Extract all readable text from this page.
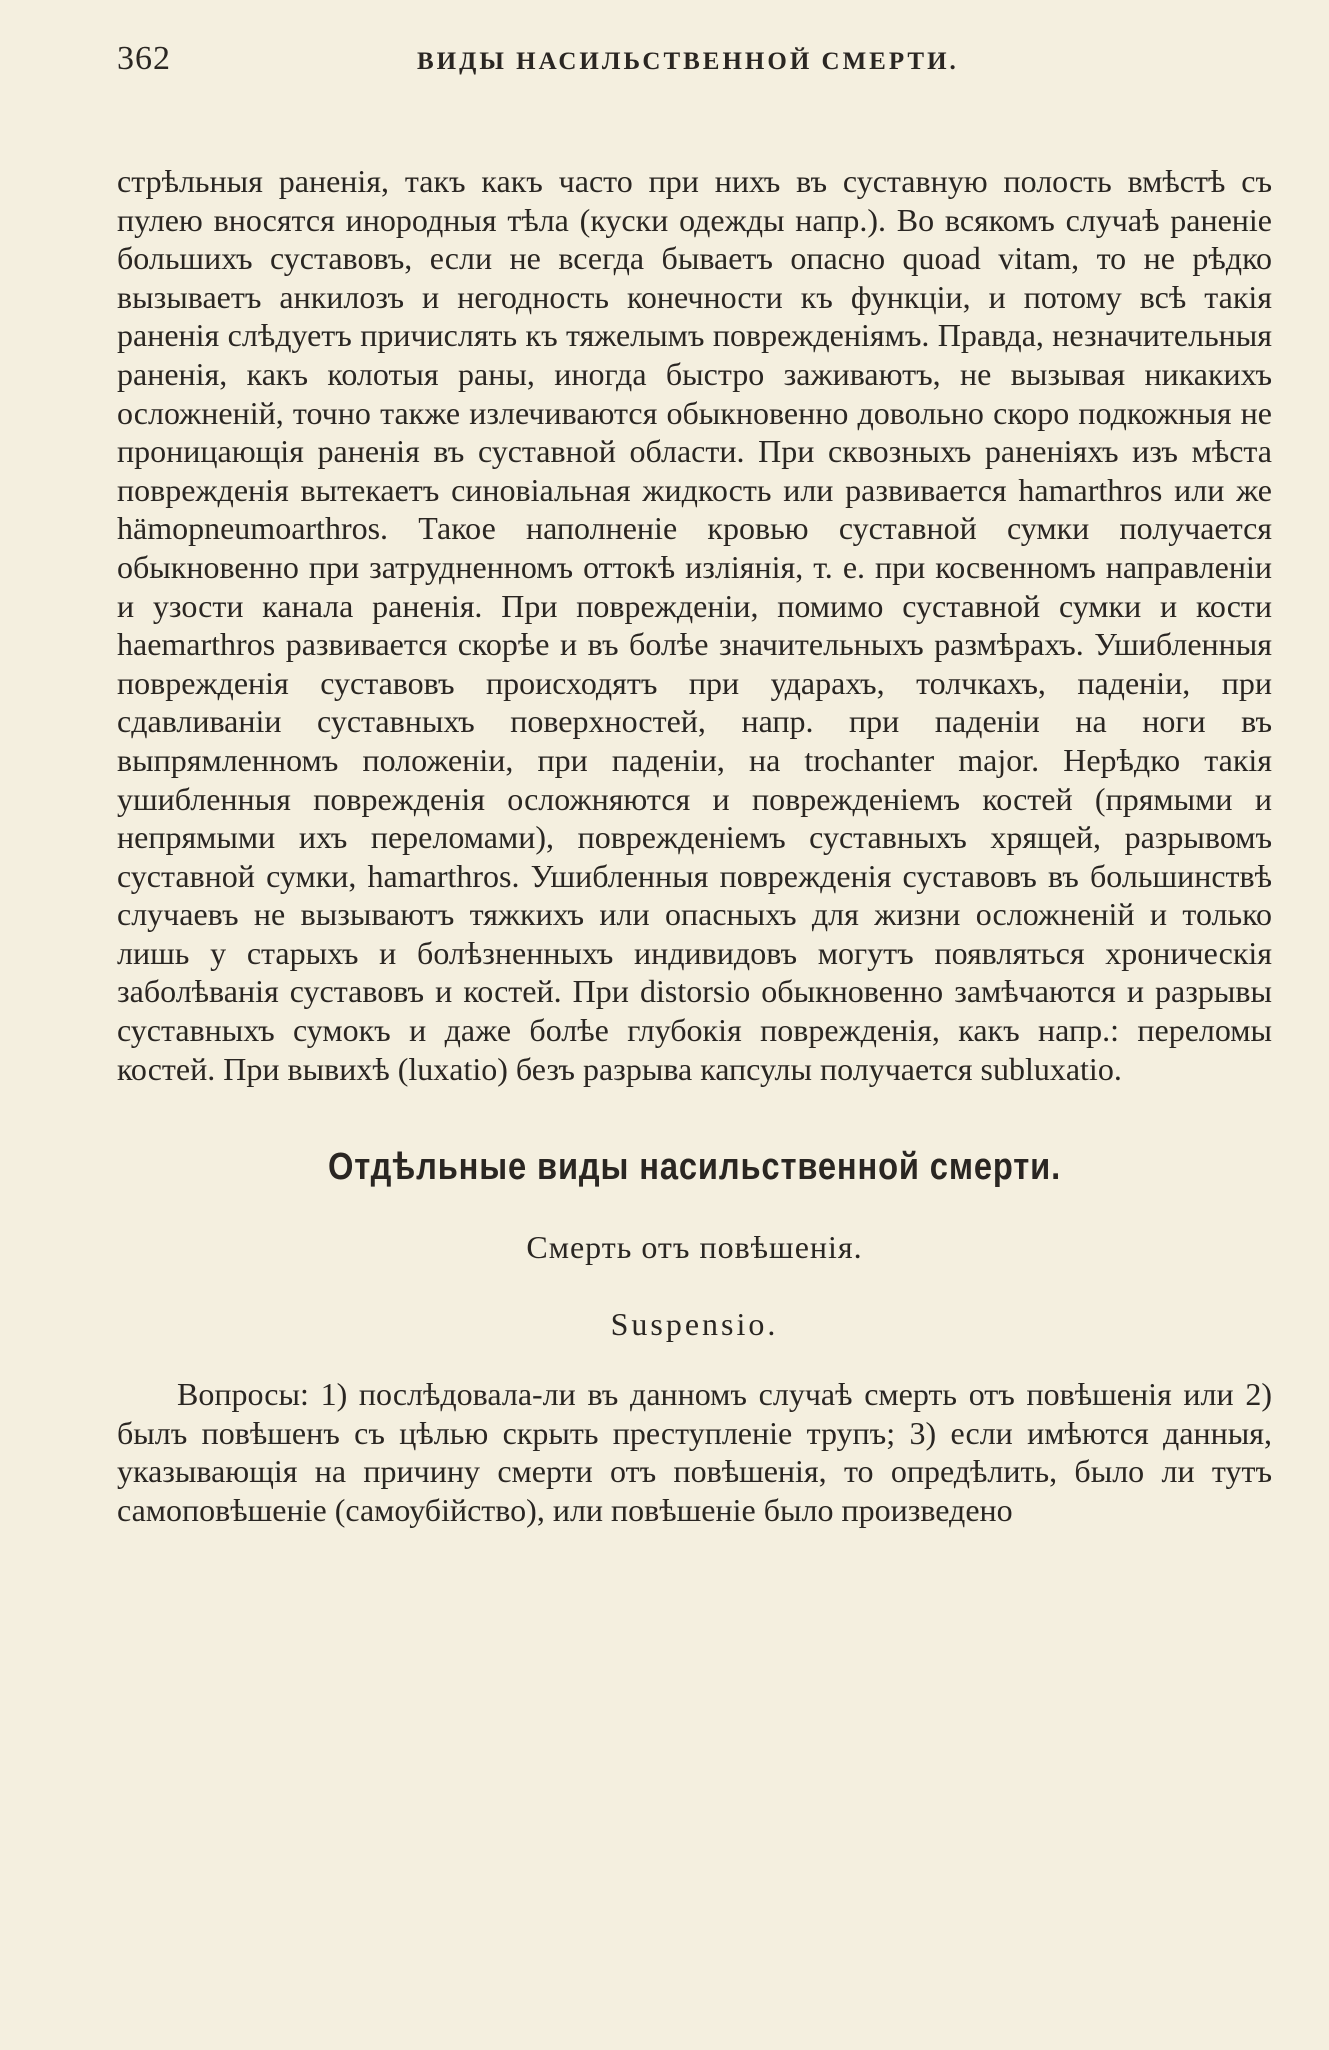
362	ВИДЫ НАСИЛЬСТВЕННОЙ СМЕРТИ.

стрѣльныя раненія, такъ какъ часто при нихъ въ суставную полость вмѣстѣ съ пулею вносятся инородныя тѣла (куски одежды напр.). Во всякомъ случаѣ раненіе большихъ суставовъ, если не всегда бываетъ опасно quoad vitam, то не рѣдко вызываетъ анкилозъ и негодность конечности къ функціи, и потому всѣ такія раненія слѣдуетъ причислять къ тяжелымъ поврежденіямъ. Правда, незначительныя раненія, какъ колотыя раны, иногда быстро заживаютъ, не вызывая никакихъ осложненій, точно также излечиваются обыкновенно довольно скоро подкожныя не проницающія раненія въ суставной области. При сквозныхъ раненіяхъ изъ мѣста поврежденія вытекаетъ синовіальная жидкость или развивается hamarthros или же hämopneumoarthros. Такое наполненіе кровью суставной сумки получается обыкновенно при затрудненномъ оттокѣ изліянія, т. е. при косвенномъ направленіи и узости канала раненія. При поврежденіи, помимо суставной сумки и кости haemarthros развивается скорѣе и въ болѣе значительныхъ размѣрахъ. Ушибленныя поврежденія суставовъ происходятъ при ударахъ, толчкахъ, паденіи, при сдавливаніи суставныхъ поверхностей, напр. при паденіи на ноги въ выпрямленномъ положеніи, при паденіи, на trochanter major. Нерѣдко такія ушибленныя поврежденія осложняются и поврежденіемъ костей (прямыми и непрямыми ихъ переломами), поврежденіемъ суставныхъ хрящей, разрывомъ суставной сумки, hamarthros. Ушибленныя поврежденія суставовъ въ большинствѣ случаевъ не вызываютъ тяжкихъ или опасныхъ для жизни осложненій и только лишь у старыхъ и болѣзненныхъ индивидовъ могутъ появляться хроническія заболѣванія суставовъ и костей. При distorsio обыкновенно замѣчаются и разрывы суставныхъ сумокъ и даже болѣе глубокія поврежденія, какъ напр.: переломы костей. При вывихѣ (luxatio) безъ разрыва капсулы получается subluxatio.

Отдѣльные виды насильственной смерти.
Смерть отъ повѣшенія.
Suspensio.

Вопросы: 1) послѣдовала-ли въ данномъ случаѣ смерть отъ повѣшенія или 2) былъ повѣшенъ съ цѣлью скрыть преступленіе трупъ; 3) если имѣются данныя, указывающія на причину смерти отъ повѣшенія, то опредѣлить, было ли тутъ самоповѣшеніе (самоубійство), или повѣшеніе было произведено
